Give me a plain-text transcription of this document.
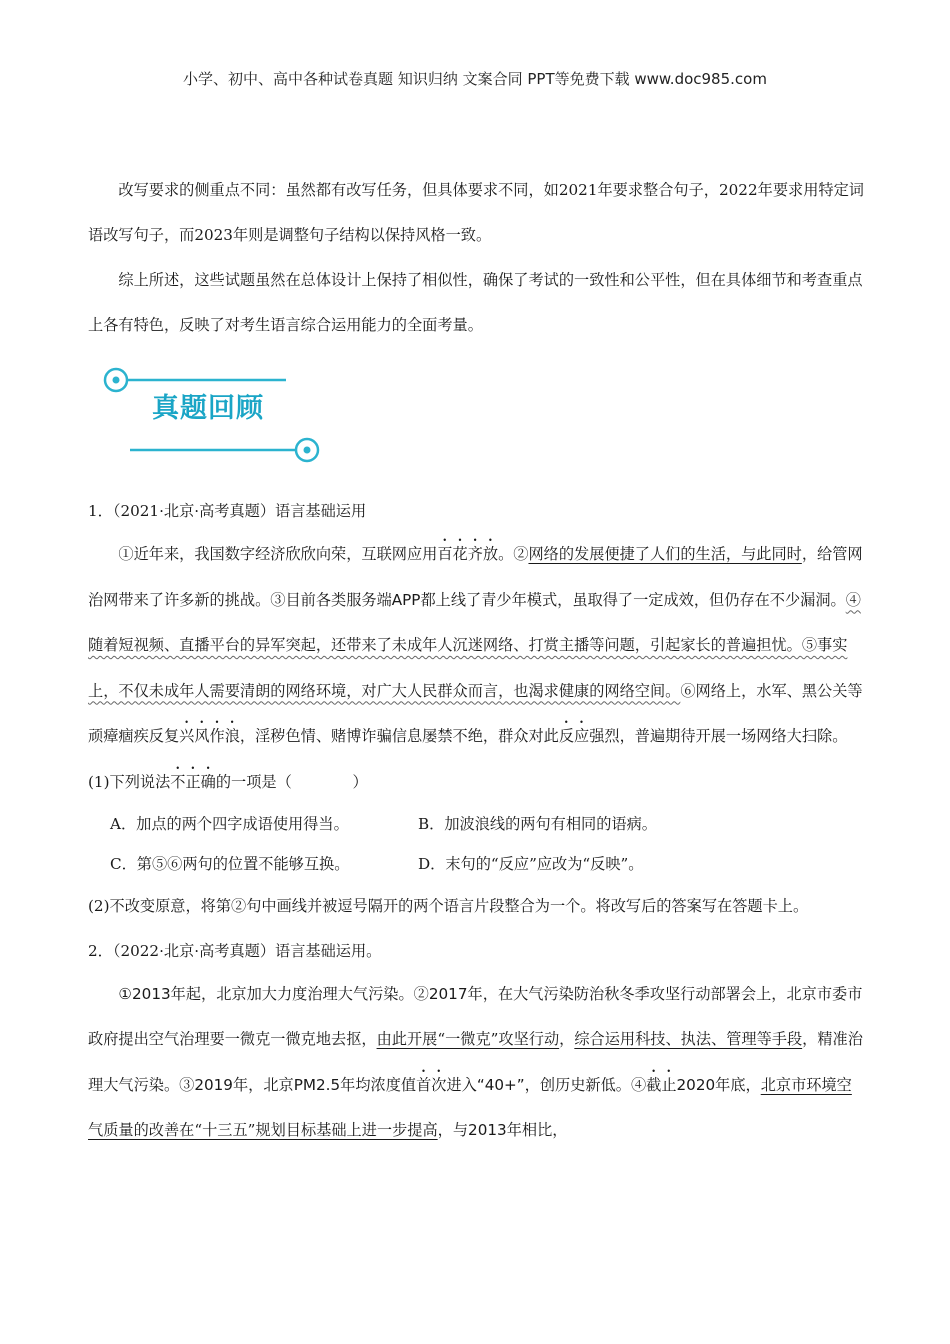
小学、初中、高中各种试卷真题 知识归纳 文案合同 PPT等免费下载 www.doc985.com

改写要求的侧重点不同：虽然都有改写任务，但具体要求不同，如2021年要求整合句子，2022年要求用特定词语改写句子，而2023年则是调整句子结构以保持风格一致。

综上所述，这些试题虽然在总体设计上保持了相似性，确保了考试的一致性和公平性，但在具体细节和考查重点上各有特色，反映了对考生语言综合运用能力的全面考量。

真题回顾

1．（2021·北京·高考真题）语言基础运用

①近年来，我国数字经济欣欣向荣，互联网应用百花齐放。②网络的发展便捷了人们的生活，与此同时，给管网治网带来了许多新的挑战。③目前各类服务端APP都上线了青少年模式，虽取得了一定成效，但仍存在不少漏洞。④随着短视频、直播平台的异军突起，还带来了未成年人沉迷网络、打赏主播等问题，引起家长的普遍担忧。⑤事实上，不仅未成年人需要清朗的网络环境，对广大人民群众而言，也渴求健康的网络空间。⑥网络上，水军、黑公关等顽瘴痼疾反复兴风作浪，淫秽色情、赌博诈骗信息屡禁不绝，群众对此反应强烈，普遍期待开展一场网络大扫除。

(1)下列说法不正确的一项是（　　　　）

A．加点的两个四字成语使用得当。	B．加波浪线的两句有相同的语病。
C．第⑤⑥两句的位置不能够互换。	D．末句的“反应”应改为“反映”。

(2)不改变原意，将第②句中画线并被逗号隔开的两个语言片段整合为一个。将改写后的答案写在答题卡上。

2．（2022·北京·高考真题）语言基础运用。

①2013年起，北京加大力度治理大气污染。②2017年，在大气污染防治秋冬季攻坚行动部署会上，北京市委市政府提出空气治理要一微克一微克地去抠，由此开展“一微克”攻坚行动，综合运用科技、执法、管理等手段，精准治理大气污染。③2019年，北京PM2.5年均浓度值首次进入“40+”，创历史新低。④截止2020年底，北京市环境空气质量的改善在“十三五”规划目标基础上进一步提高，与2013年相比，
